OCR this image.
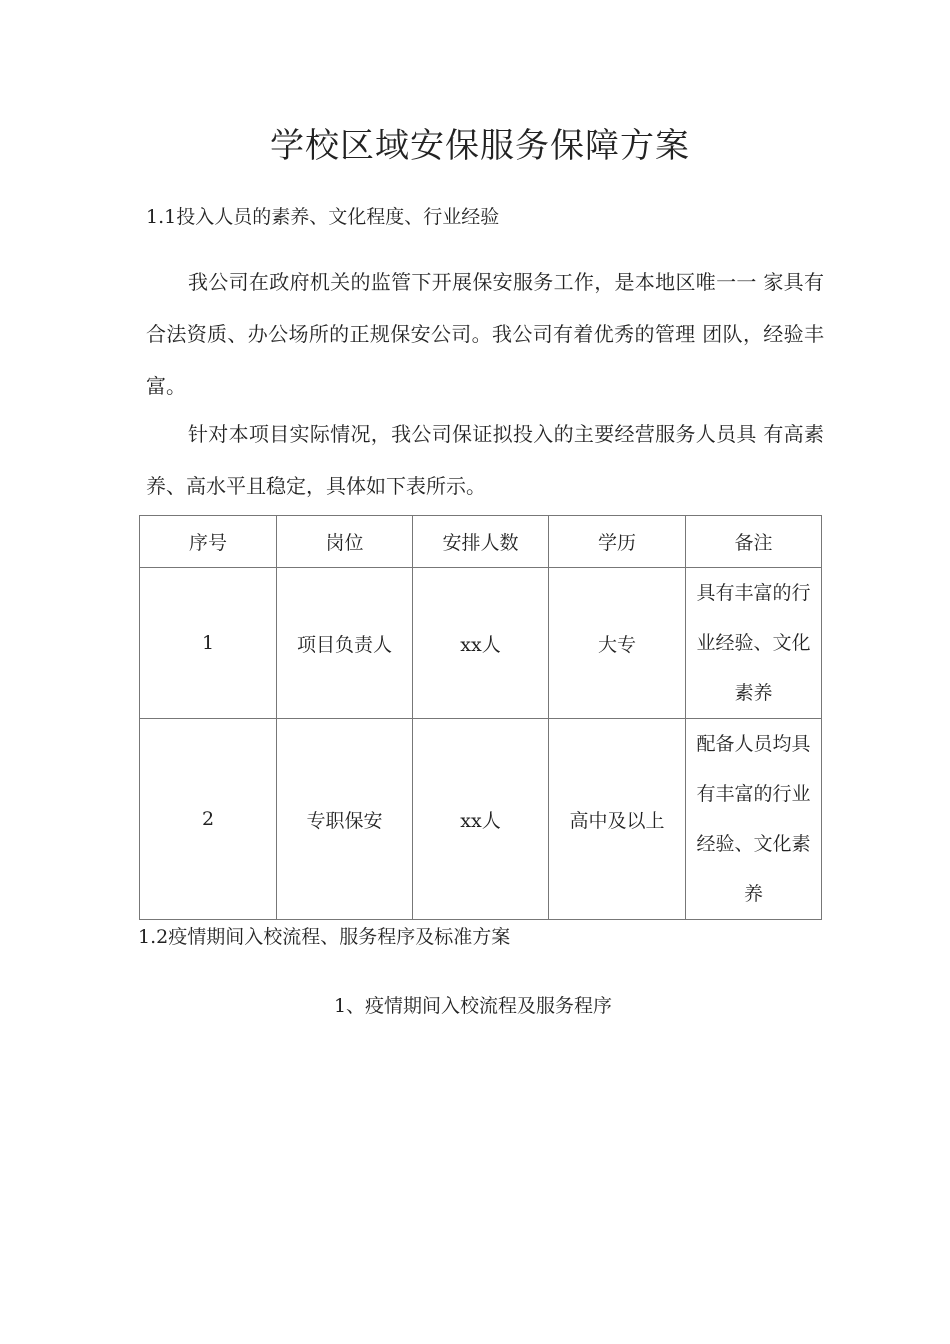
学校区域安保服务保障方案
1.1投入人员的素养、文化程度、行业经验

我公司在政府机关的监管下开展保安服务工作，是本地区唯一一 家具有合法资质、办公场所的正规保安公司。我公司有着优秀的管理 团队，经验丰富。

针对本项目实际情况，我公司保证拟投入的主要经营服务人员具 有高素养、高水平且稳定，具体如下表所示。

序号	岗位	安排人数	学历	备注
1	项目负责人	xx人	大专	具有丰富的行业经验、文化素养
2	专职保安	xx人	高中及以上	配备人员均具有丰富的行业经验、文化素养
1.2疫情期间入校流程、服务程序及标准方案
1、疫情期间入校流程及服务程序
